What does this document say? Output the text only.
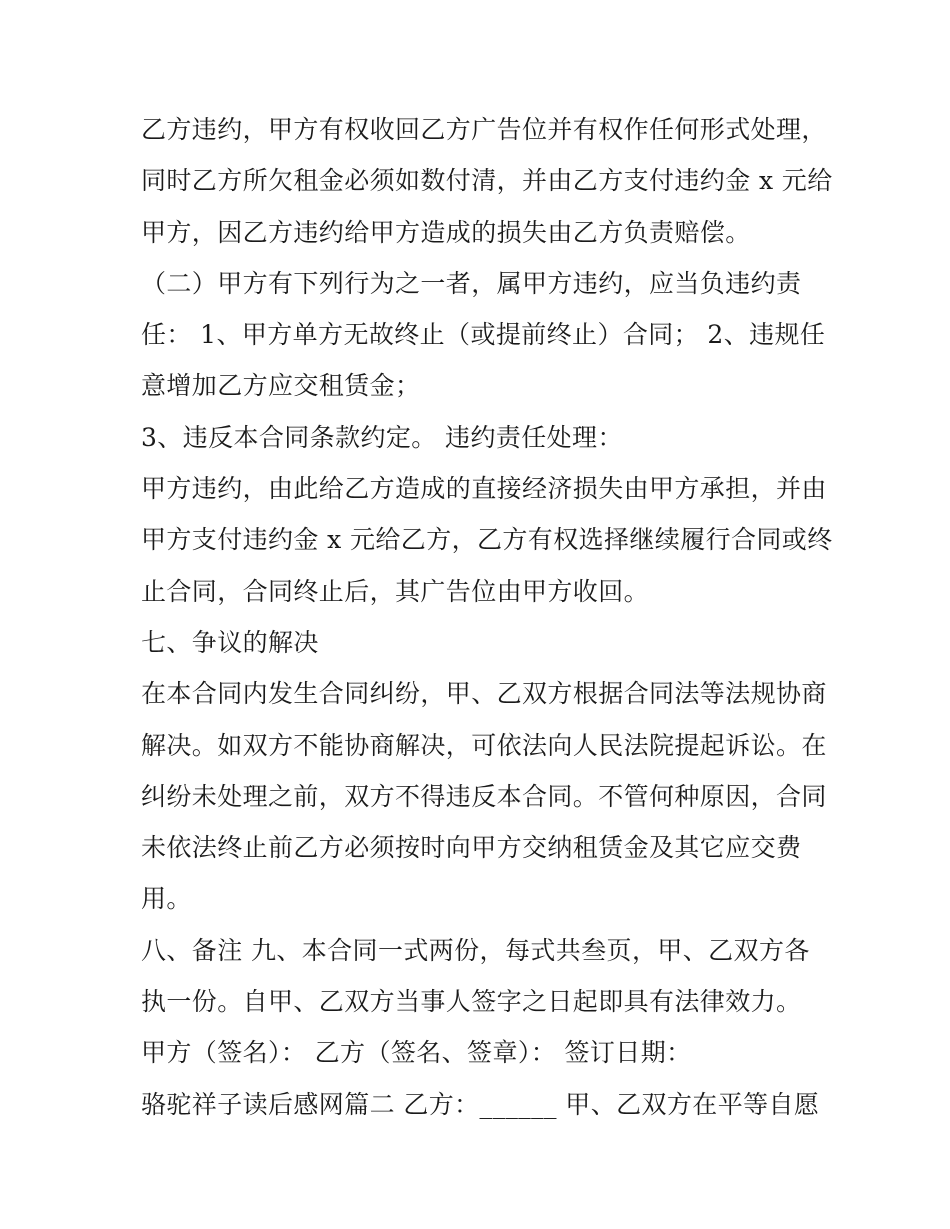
乙方违约，甲方有权收回乙方广告位并有权作任何形式处理，
同时乙方所欠租金必须如数付清，并由乙方支付违约金 x 元给
甲方，因乙方违约给甲方造成的损失由乙方负责赔偿。
（二）甲方有下列行为之一者，属甲方违约，应当负违约责
任： 1、甲方单方无故终止（或提前终止）合同； 2、违规任
意增加乙方应交租赁金；
3、违反本合同条款约定。 违约责任处理：
甲方违约，由此给乙方造成的直接经济损失由甲方承担，并由
甲方支付违约金 x 元给乙方，乙方有权选择继续履行合同或终
止合同，合同终止后，其广告位由甲方收回。
七、争议的解决
在本合同内发生合同纠纷，甲、乙双方根据合同法等法规协商
解决。如双方不能协商解决，可依法向人民法院提起诉讼。在
纠纷未处理之前，双方不得违反本合同。不管何种原因，合同
未依法终止前乙方必须按时向甲方交纳租赁金及其它应交费
用。
八、备注 九、本合同一式两份，每式共叁页，甲、乙双方各
执一份。自甲、乙双方当事人签字之日起即具有法律效力。
甲方（签名）： 乙方（签名、签章）： 签订日期：
骆驼祥子读后感网篇二 乙方：______ 甲、乙双方在平等自愿
